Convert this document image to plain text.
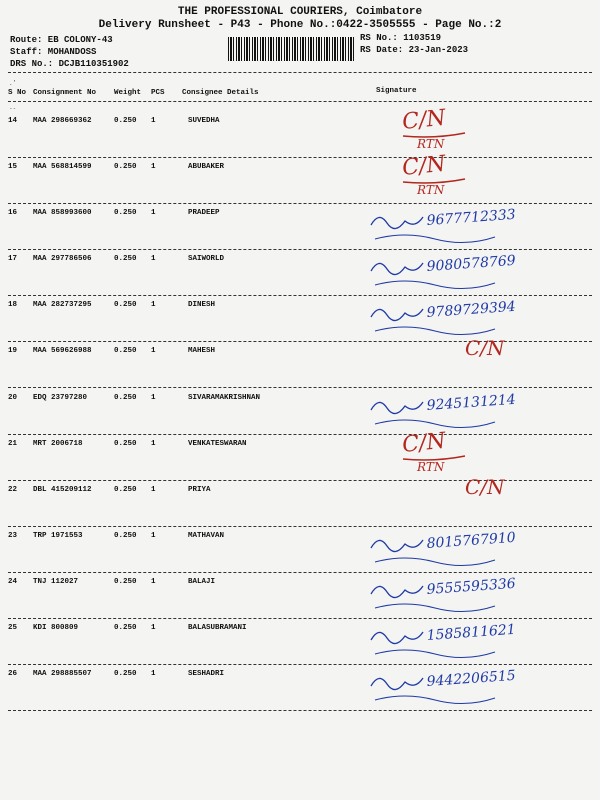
THE PROFESSIONAL COURIERS, Coimbatore
Delivery Runsheet - P43 - Phone No.:0422-3505555 - Page No.:2
Route: EB COLONY-43
Staff: MOHANDOSS
DRS No.: DCJB110351902
RS No.: 1103519
RS Date: 23-Jan-2023
.’
S No Consignment No Weight PCS Consignee Details	Signature
--
14 MAA 298669362	0.250 1	SUVEDHA	C/N
RTN
15 MAA 568814599	0.250 1	ABUBAKER	C/N
RTN
16 MAA 858993600	0.250 1	PRADEEP	9677712333
17 MAA 297786506	0.250 1	SAIWORLD	9080578769
18 MAA 282737295	0.250 1	DINESH	9789729394
19 MAA 569626988	0.250 1	MAHESH	C/N
20 EDQ 23797280	0.250 1	SIVARAMAKRISHNAN	9245131214
21 MRT 2006718	0.250 1	VENKATESWARAN	C/N
RTN
22 DBL 415209112	0.250 1	PRIYA	C/N
23 TRP 1971553	0.250 1	MATHAVAN	8015767910
24 TNJ 112027	0.250 1	BALAJI	9555595336
25 KDI 800809	0.250 1	BALASUBRAMANI	1585811621
26 MAA 298885507	0.250 1	SESHADRI	9442206515
